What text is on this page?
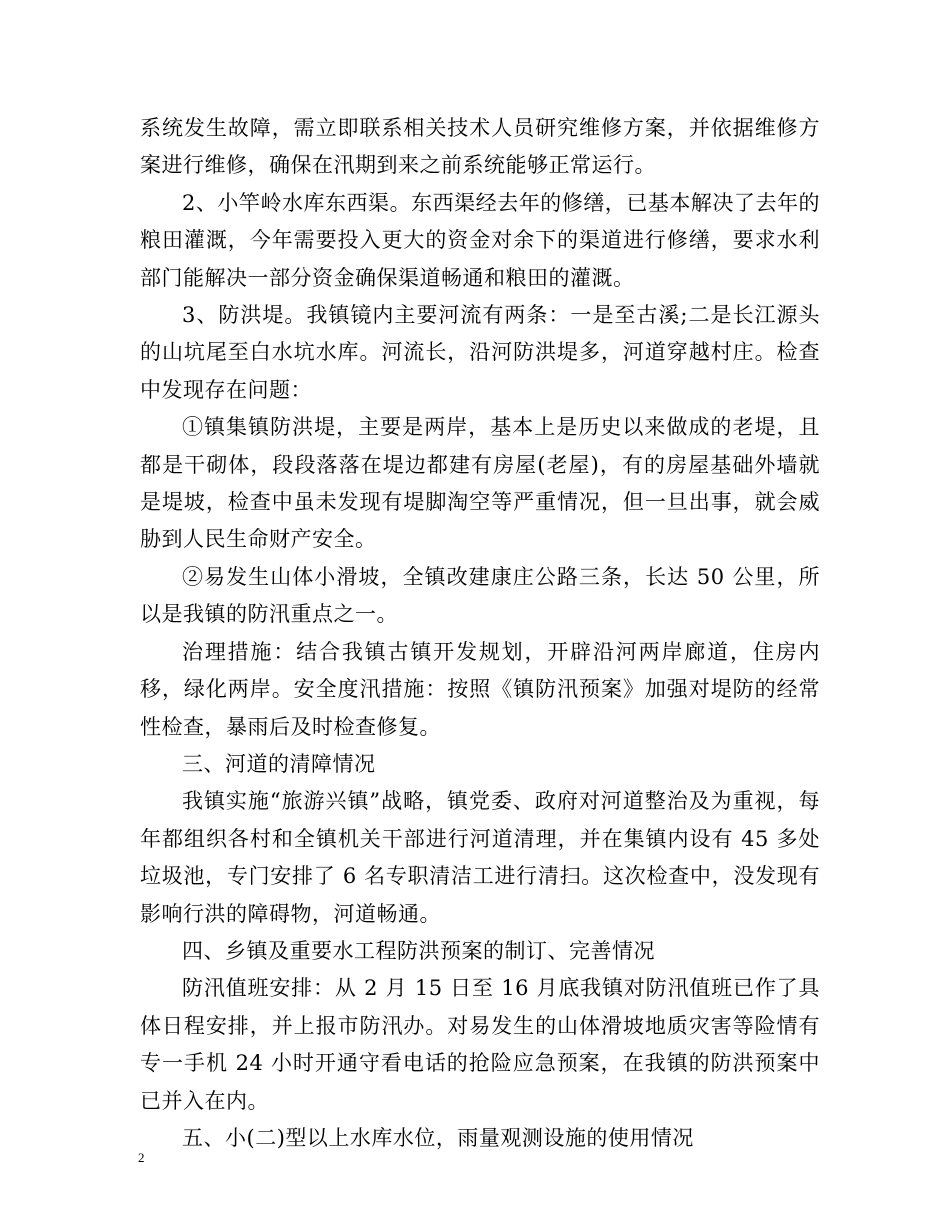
系统发生故障，需立即联系相关技术人员研究维修方案，并依据维修方案进行维修，确保在汛期到来之前系统能够正常运行。

2、小竿岭水库东西渠。东西渠经去年的修缮，已基本解决了去年的粮田灌溉，今年需要投入更大的资金对余下的渠道进行修缮，要求水利部门能解决一部分资金确保渠道畅通和粮田的灌溉。

3、防洪堤。我镇镜内主要河流有两条：一是至古溪;二是长江源头的山坑尾至白水坑水库。河流长，沿河防洪堤多，河道穿越村庄。检查中发现存在问题：

①镇集镇防洪堤，主要是两岸，基本上是历史以来做成的老堤，且都是干砌体，段段落落在堤边都建有房屋(老屋)，有的房屋基础外墙就是堤坡，检查中虽未发现有堤脚淘空等严重情况，但一旦出事，就会威胁到人民生命财产安全。

②易发生山体小滑坡，全镇改建康庄公路三条，长达 50 公里，所以是我镇的防汛重点之一。

治理措施：结合我镇古镇开发规划，开辟沿河两岸廊道，住房内移，绿化两岸。安全度汛措施：按照《镇防汛预案》加强对堤防的经常性检查，暴雨后及时检查修复。

三、河道的清障情况

我镇实施“旅游兴镇”战略，镇党委、政府对河道整治及为重视，每年都组织各村和全镇机关干部进行河道清理，并在集镇内设有 45 多处垃圾池，专门安排了 6 名专职清洁工进行清扫。这次检查中，没发现有影响行洪的障碍物，河道畅通。

四、乡镇及重要水工程防洪预案的制订、完善情况

防汛值班安排：从 2 月 15 日至 16 月底我镇对防汛值班已作了具体日程安排，并上报市防汛办。对易发生的山体滑坡地质灾害等险情有专一手机 24 小时开通守看电话的抢险应急预案，在我镇的防洪预案中已并入在内。

五、小(二)型以上水库水位，雨量观测设施的使用情况

2
